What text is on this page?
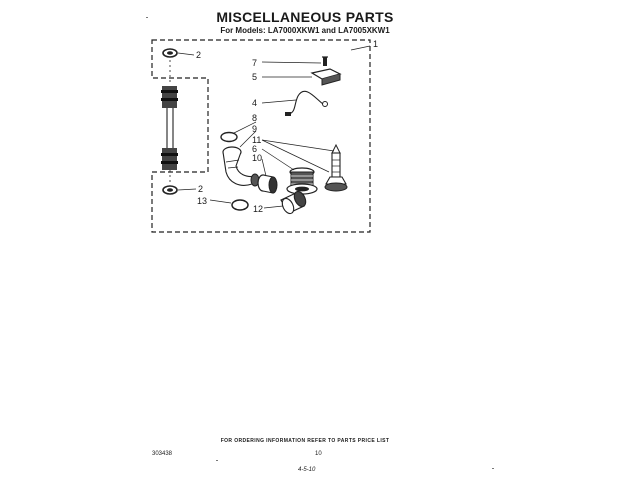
MISCELLANEOUS PARTS
For Models: LA7000XKW1 and LA7005XKW1
1
2
2
7
5
4
8
9
11
6
10
13
12
FOR ORDERING INFORMATION REFER TO PARTS PRICE LIST
303438	10
4-5-10
